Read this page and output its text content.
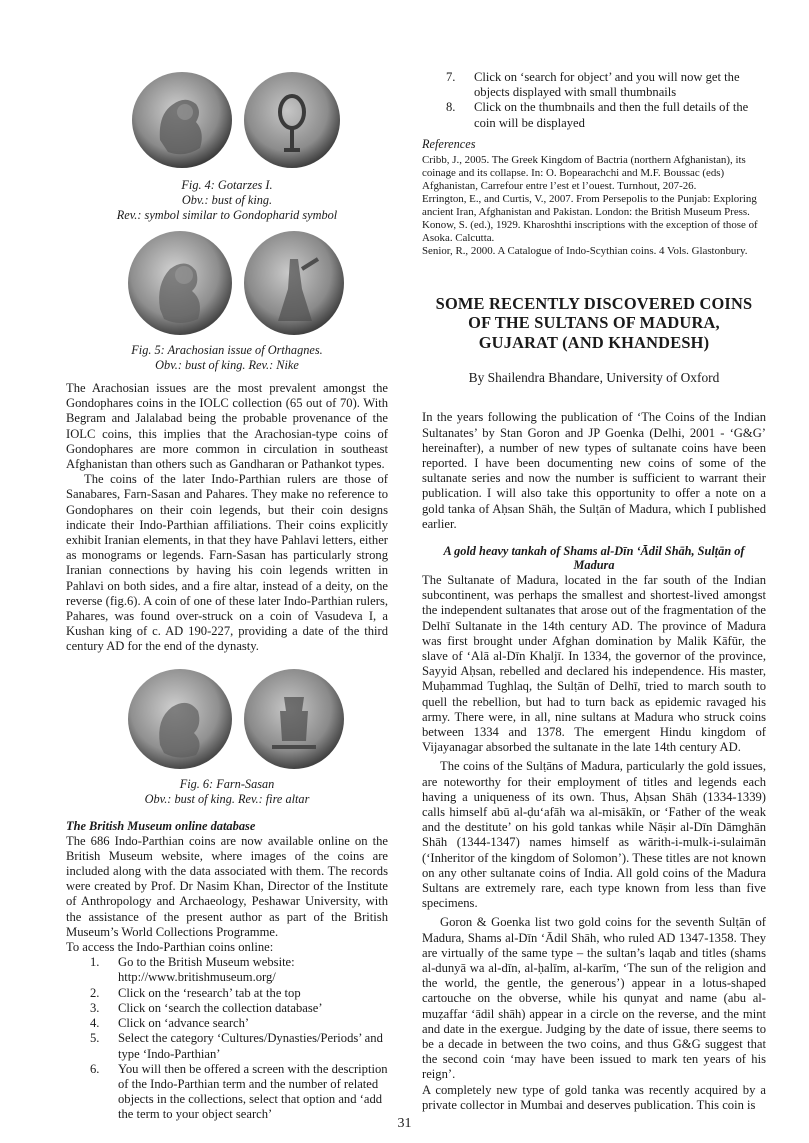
Fig. 4: Gotarzes I.

Obv.: bust of king.

Rev.: symbol similar to Gondopharid symbol

Fig. 5: Arachosian issue of Orthagnes.

Obv.: bust of king. Rev.: Nike

The Arachosian issues are the most prevalent amongst the Gondophares coins in the IOLC collection (65 out of 70). With Begram and Jalalabad being the probable provenance of the IOLC coins, this implies that the Arachosian-type coins of Gondophares are more common in circulation in southeast Afghanistan than others such as Gandharan or Pathankot types.

The coins of the later Indo-Parthian rulers are those of Sanabares, Farn-Sasan and Pahares. They make no reference to Gondophares on their coin legends, but their coin designs indicate their Indo-Parthian affiliations. Their coins explicitly exhibit Iranian elements, in that they have Pahlavi letters, either as monograms or legends. Farn-Sasan has particularly strong Iranian connections by having his coin legends written in Pahlavi on both sides, and a fire altar, instead of a deity, on the reverse (fig.6). A coin of one of these later Indo-Parthian rulers, Pahares, was found over-struck on a coin of Vasudeva I, a Kushan king of c. AD 190-227, providing a date of the third century AD for the end of the dynasty.

Fig. 6: Farn-Sasan

Obv.: bust of king. Rev.: fire altar

The British Museum online database

The 686 Indo-Parthian coins are now available online on the British Museum website, where images of the coins are included along with the data associated with them. The records were created by Prof. Dr Nasim Khan, Director of the Institute of Anthropology and Archaeology, Peshawar University, with the assistance of the present author as part of the British Museum’s World Collections Programme.

To access the Indo-Parthian coins online:

1.	Go to the British Museum website: http://www.britishmuseum.org/
2.	Click on the ‘research’ tab at the top
3.	Click on ‘search the collection database’
4.	Click on ‘advance search’
5.	Select the category ‘Cultures/Dynasties/Periods’ and type ‘Indo-Parthian’
6.	You will then be offered a screen with the description of the Indo-Parthian term and the number of related objects in the collections, select that option and ‘add the term to your object search’
7.	Click on ‘search for object’ and you will now get the objects displayed with small thumbnails
8.	Click on the thumbnails and then the full details of the coin will be displayed

References

Cribb, J., 2005. The Greek Kingdom of Bactria (northern Afghanistan), its coinage and its collapse. In: O. Bopearachchi and M.F. Boussac (eds) Afghanistan, Carrefour entre l’est et l’ouest. Turnhout, 207-26.

Errington, E., and Curtis, V., 2007. From Persepolis to the Punjab: Exploring ancient Iran, Afghanistan and Pakistan. London: the British Museum Press.

Konow, S. (ed.), 1929. Kharoshthi inscriptions with the exception of those of Asoka. Calcutta.

Senior, R., 2000. A Catalogue of Indo-Scythian coins. 4 Vols. Glastonbury.

SOME RECENTLY DISCOVERED COINS

OF THE SULTANS OF MADURA,

GUJARAT (AND KHANDESH)

By Shailendra Bhandare, University of Oxford

In the years following the publication of ‘The Coins of the Indian Sultanates’ by Stan Goron and JP Goenka (Delhi, 2001 - ‘G&G’ hereinafter), a number of new types of sultanate coins have been reported. I have been documenting new coins of some of the sultanate series and now the number is sufficient to warrant their publication. I will also take this opportunity to offer a note on a gold tanka of Aḥsan Shāh, the Sulṭān of Madura, which I published earlier.

A gold heavy tankah of Shams al-Dīn ‘Ādil Shāh, Sulṭān of

Madura

The Sultanate of Madura, located in the far south of the Indian subcontinent, was perhaps the smallest and shortest-lived amongst the independent sultanates that arose out of the fragmentation of the Delhī Sultanate in the 14th century AD. The province of Madura was first brought under Afghan domination by Malik Kāfūr, the slave of ‘Alā al-Dīn Khaljī. In 1334, the governor of the province, Sayyid Aḥsan, rebelled and declared his independence. His master, Muḥammad Tughlaq, the Sulṭān of Delhī, tried to march south to quell the rebellion, but had to turn back as epidemic ravaged his army. There were, in all, nine sultans at Madura who struck coins between 1334 and 1378. The emergent Hindu kingdom of Vijayanagar absorbed the sultanate in the late 14th century AD.

The coins of the Sulṭāns of Madura, particularly the gold issues, are noteworthy for their employment of titles and legends each having a uniqueness of its own. Thus, Aḥsan Shāh (1334-1339) calls himself abū al-ḍu‘afāh wa al-misākīn, or ‘Father of the weak and the destitute’ on his gold tankas while Nāṣir al-Dīn Dāmghān Shāh (1344-1347) names himself as wārith-i-mulk-i-sulaimān (‘Inheritor of the kingdom of Solomon’). These titles are not known on any other sultanate coins of India. All gold coins of the Madura Sultans are extremely rare, each type known from less than five specimens.

Goron & Goenka list two gold coins for the seventh Sulṭān of Madura, Shams al-Dīn ‘Ādil Shāh, who ruled AD 1347-1358. They are virtually of the same type – the sultan’s laqab and titles (shams al-dunyā wa al-dīn, al-ḥalīm, al-karīm, ‘The sun of the religion and the world, the gentle, the generous’) appear in a lotus-shaped cartouche on the obverse, while his qunyat and name (abu al-muẓaffar ‘ādil shāh) appear in a circle on the reverse, and the mint and date in the exergue. Judging by the date of issue, there seems to be a decade in between the two coins, and thus G&G suggest that the second coin ‘may have been issued to mark ten years of his reign’.

A completely new type of gold tanka was recently acquired by a private collector in Mumbai and deserves publication. This coin is

31
